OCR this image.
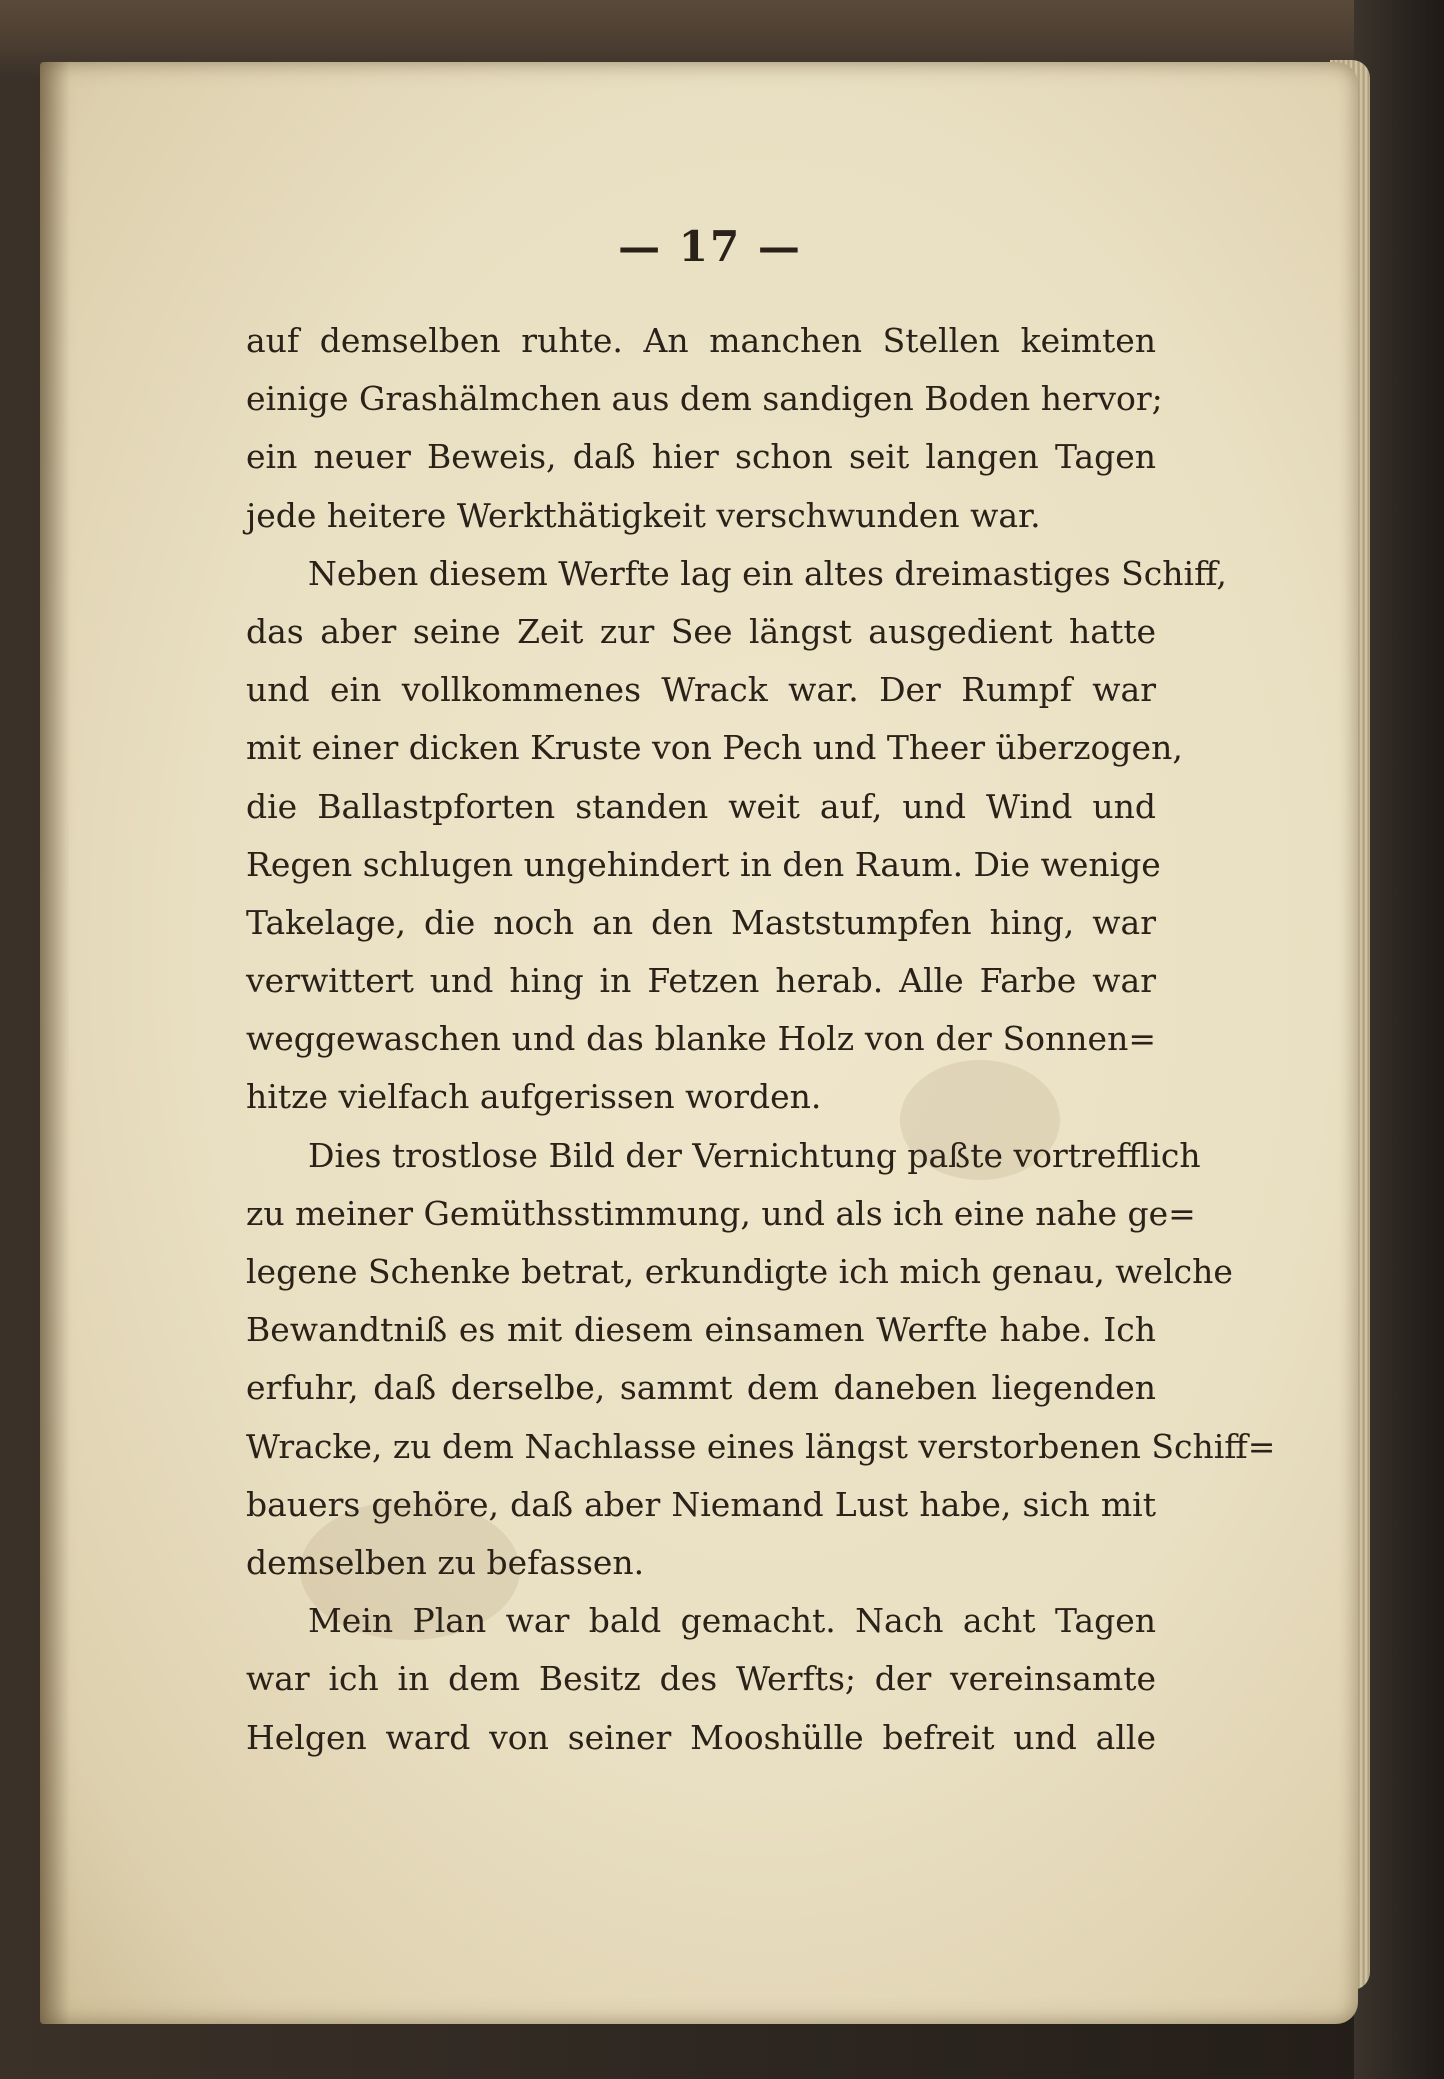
— 17 —
auf demselben ruhte. An manchen Stellen keimten
einige Grashälmchen aus dem sandigen Boden hervor;
ein neuer Beweis, daß hier schon seit langen Tagen
jede heitere Werkthätigkeit verschwunden war.
Neben diesem Werfte lag ein altes dreimastiges Schiff,
das aber seine Zeit zur See längst ausgedient hatte
und ein vollkommenes Wrack war. Der Rumpf war
mit einer dicken Kruste von Pech und Theer überzogen,
die Ballastpforten standen weit auf, und Wind und
Regen schlugen ungehindert in den Raum. Die wenige
Takelage, die noch an den Maststumpfen hing, war
verwittert und hing in Fetzen herab. Alle Farbe war
weggewaschen und das blanke Holz von der Sonnen=
hitze vielfach aufgerissen worden.
Dies trostlose Bild der Vernichtung paßte vortrefflich
zu meiner Gemüthsstimmung, und als ich eine nahe ge=
legene Schenke betrat, erkundigte ich mich genau, welche
Bewandtniß es mit diesem einsamen Werfte habe. Ich
erfuhr, daß derselbe, sammt dem daneben liegenden
Wracke, zu dem Nachlasse eines längst verstorbenen Schiff=
bauers gehöre, daß aber Niemand Lust habe, sich mit
demselben zu befassen.
Mein Plan war bald gemacht. Nach acht Tagen
war ich in dem Besitz des Werfts; der vereinsamte
Helgen ward von seiner Mooshülle befreit und alle
